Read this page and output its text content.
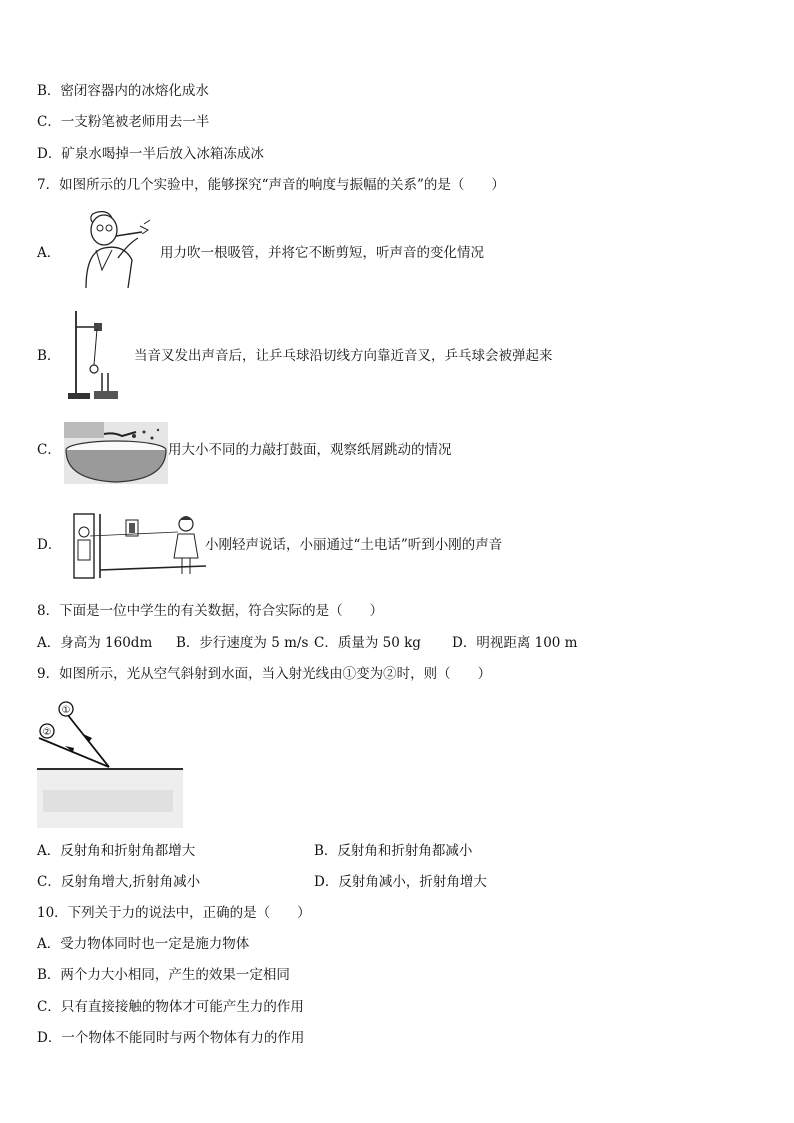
B．密闭容器内的冰熔化成水
C．一支粉笔被老师用去一半
D．矿泉水喝掉一半后放入冰箱冻成冰
7．如图所示的几个实验中，能够探究“声音的响度与振幅的关系”的是（　　）
A．	用力吹一根吸管，并将它不断剪短，听声音的变化情况
B．	当音叉发出声音后，让乒乓球沿切线方向靠近音叉，乒乓球会被弹起来
C．	用大小不同的力敲打鼓面，观察纸屑跳动的情况
D．	小刚轻声说话，小丽通过“土电话”听到小刚的声音
8．下面是一位中学生的有关数据，符合实际的是（　　）
A．身高为 160dm B．步行速度为 5 m/s C．质量为 50 kg D．明视距离 100 m
9．如图所示，光从空气斜射到水面，当入射光线由①变为②时，则（　　）
①
②
A．反射角和折射角都增大	B．反射角和折射角都减小
C．反射角增大,折射角减小	D．反射角减小，折射角增大
10．下列关于力的说法中，正确的是（　　）
A．受力物体同时也一定是施力物体
B．两个力大小相同，产生的效果一定相同
C．只有直接接触的物体才可能产生力的作用
D．一个物体不能同时与两个物体有力的作用
